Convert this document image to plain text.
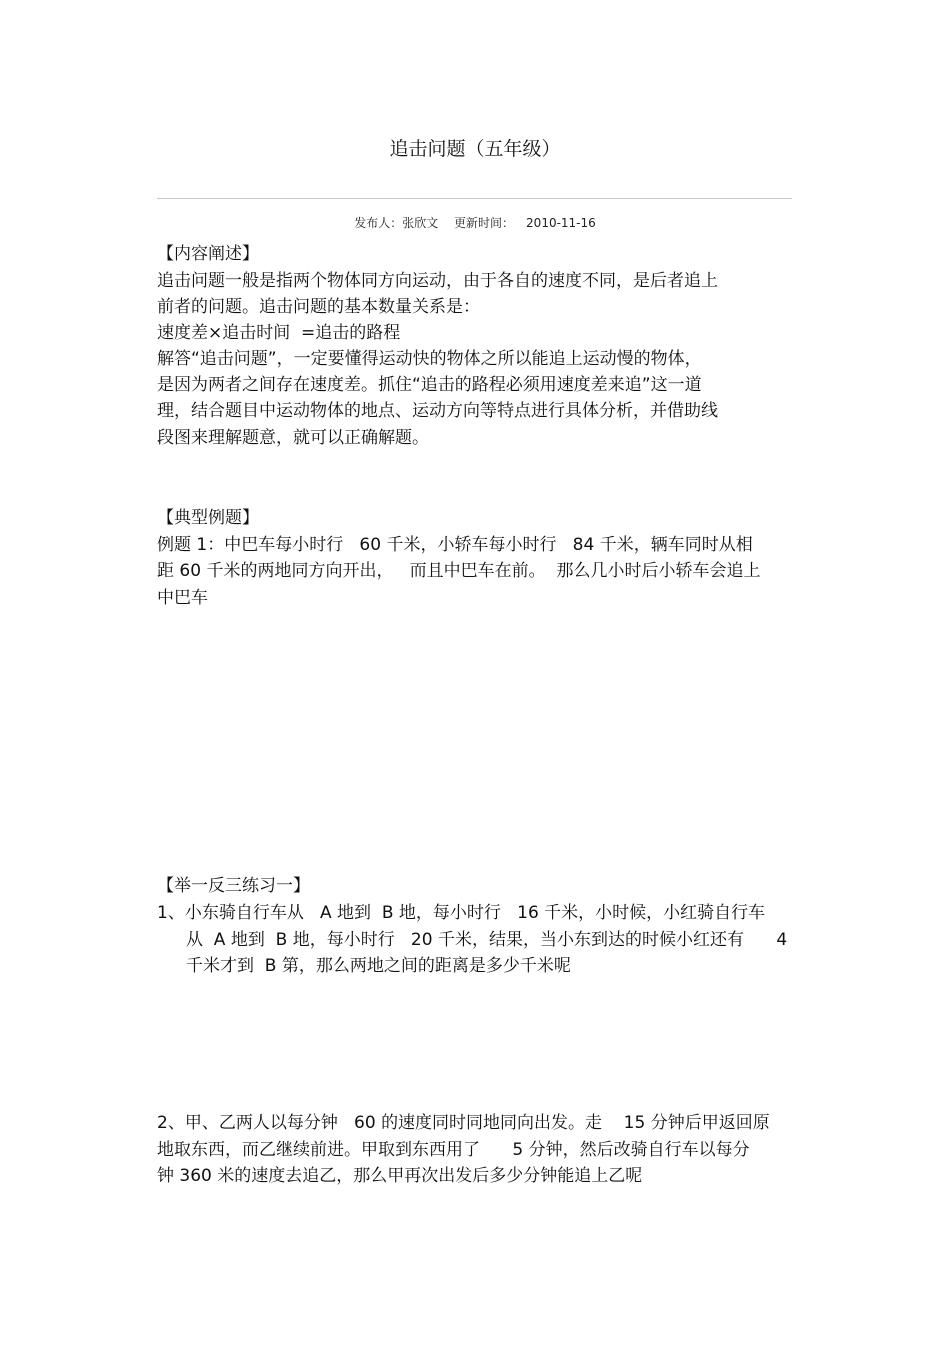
追击问题（五年级）
发布人：张欣文 更新时间： 2010-11-16
【内容阐述】
追击问题一般是指两个物体同方向运动，由于各自的速度不同，是后者追上
前者的问题。追击问题的基本数量关系是：
速度差×追击时间  =追击的路程
解答“追击问题”，一定要懂得运动快的物体之所以能追上运动慢的物体，
是因为两者之间存在速度差。抓住“追击的路程必须用速度差来追”这一道
理，结合题目中运动物体的地点、运动方向等特点进行具体分析，并借助线
段图来理解题意，就可以正确解题。
【典型例题】
例题 1：中巴车每小时行   60 千米，小轿车每小时行   84 千米，辆车同时从相
距 60 千米的两地同方向开出，   而且中巴车在前。  那么几小时后小轿车会追上
中巴车
【举一反三练习一】
1、小东骑自行车从   A 地到  B 地，每小时行   16 千米，小时候，小红骑自行车
从  A 地到  B 地，每小时行   20 千米，结果，当小东到达的时候小红还有      4
千米才到  B 第，那么两地之间的距离是多少千米呢
2、甲、乙两人以每分钟   60 的速度同时同地同向出发。走    15 分钟后甲返回原
地取东西，而乙继续前进。甲取到东西用了      5 分钟，然后改骑自行车以每分
钟 360 米的速度去追乙，那么甲再次出发后多少分钟能追上乙呢
